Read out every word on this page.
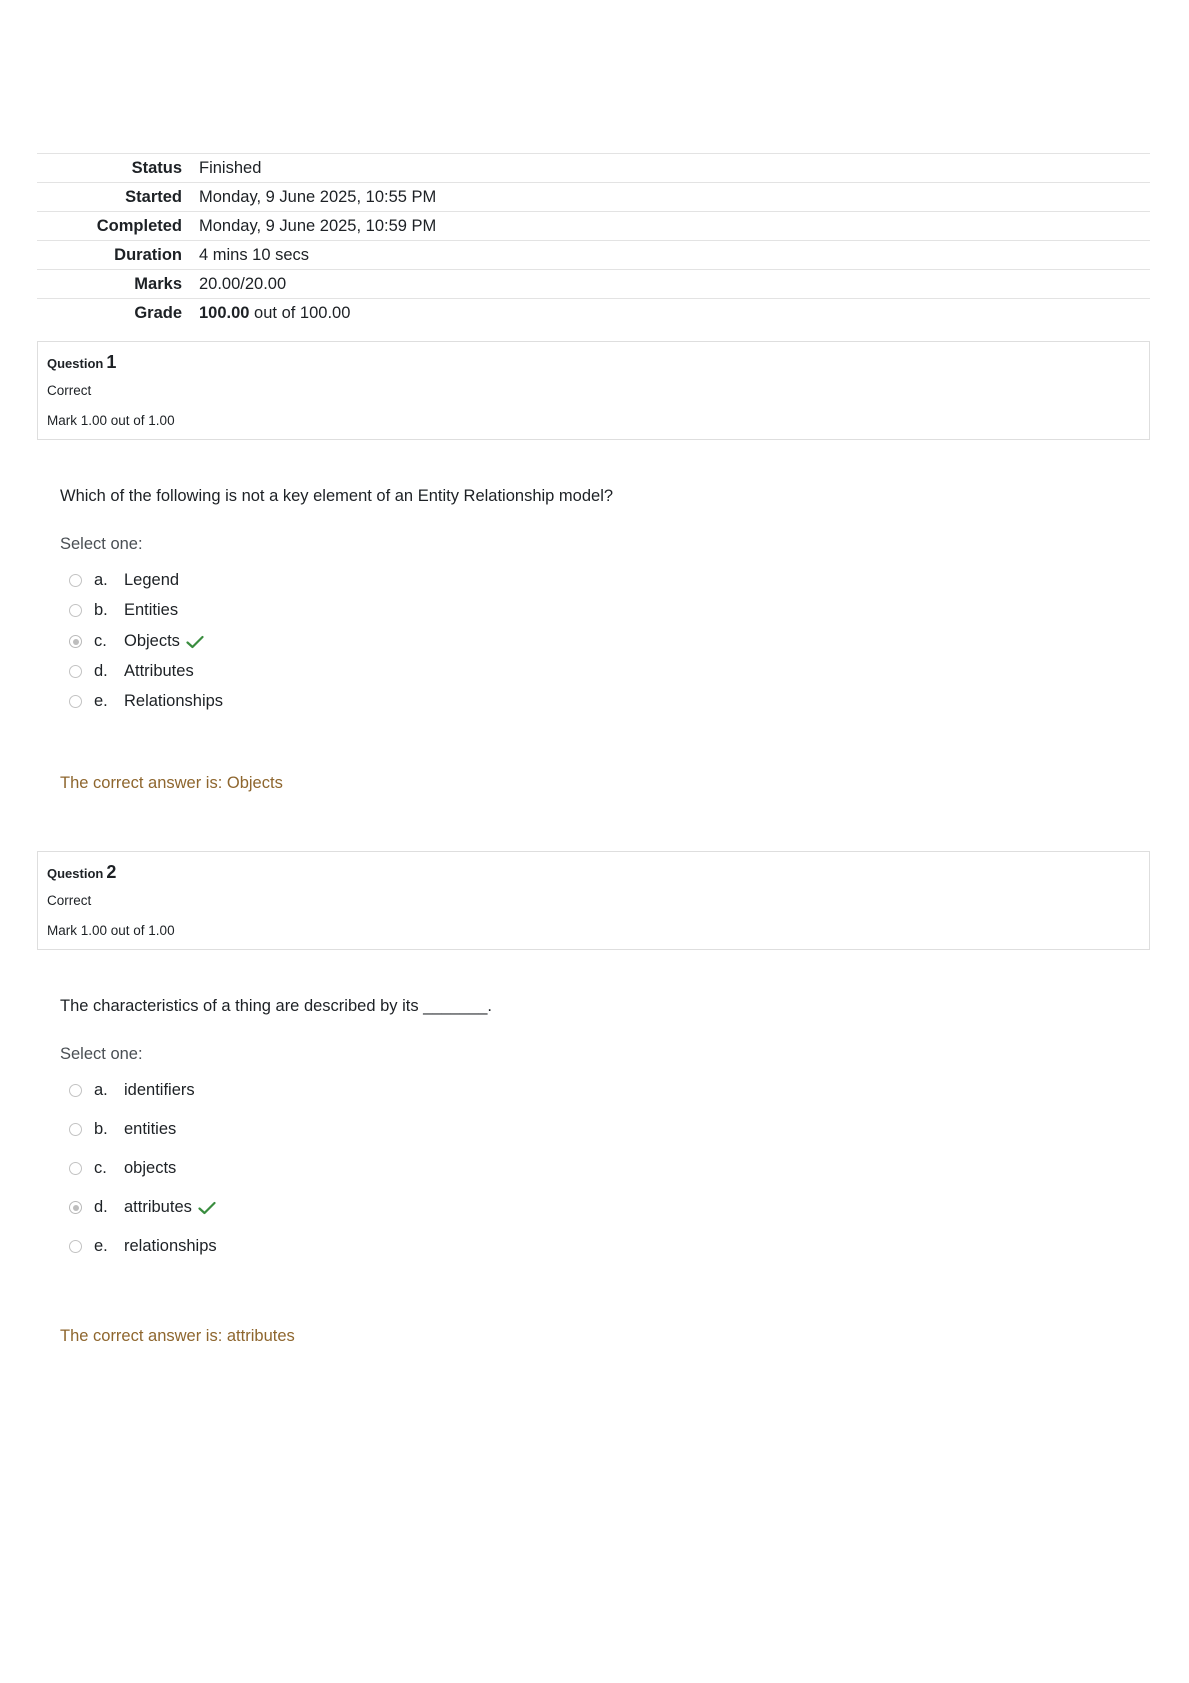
Status	Finished
Started	Monday, 9 June 2025, 10:55 PM
Completed	Monday, 9 June 2025, 10:59 PM
Duration	4 mins 10 secs
Marks	20.00/20.00
Grade	100.00 out of 100.00
Question 1
Correct
Mark 1.00 out of 1.00
Which of the following is not a key element of an Entity Relationship model?
Select one:
a. Legend
b. Entities
c.	Objects
d. Attributes
e. Relationships
The correct answer is: Objects
Question 2
Correct
Mark 1.00 out of 1.00
The characteristics of a thing are described by its _______.
Select one:
a. identifiers
b. entities
c.	objects
d. attributes
e. relationships
The correct answer is: attributes
